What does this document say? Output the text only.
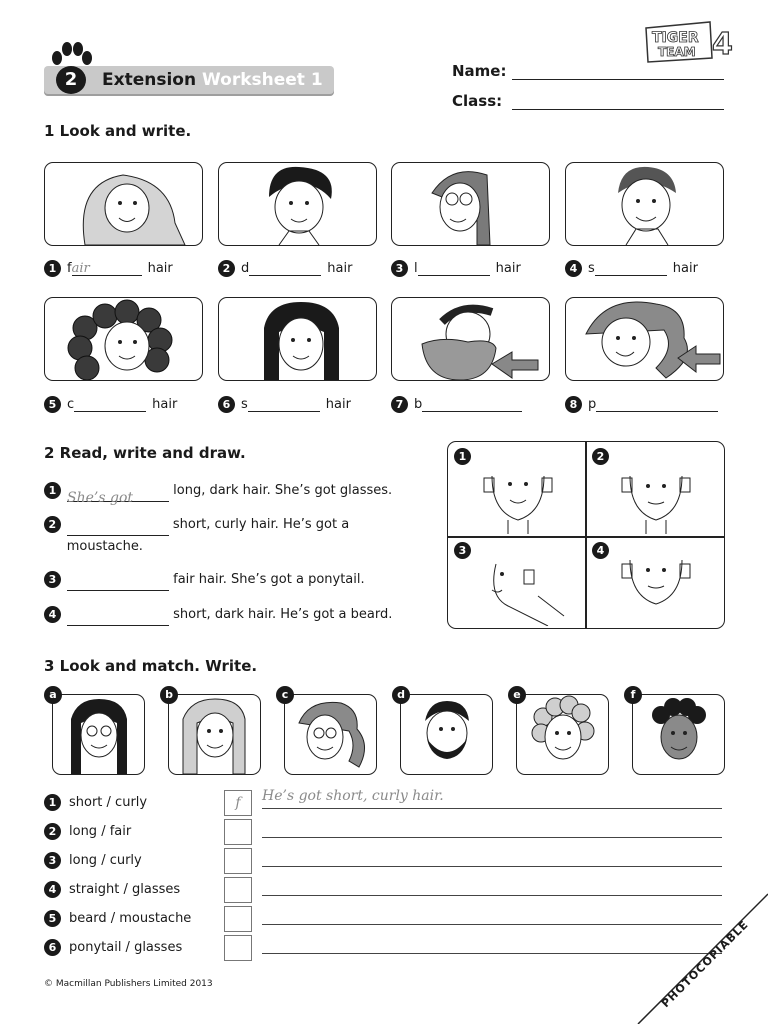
2	Extension Worksheet 1	Name:
Class:
TIGER
TEAM 4
1 Look and write.
1 fair	hair	2 d	hair	3 l	hair	4 s	hair
5 c	hair	6 s	hair	7 b	8 p
2 Read, write and draw.
1 She’s got	long, dark hair. She’s got glasses.
2	short, curly hair. He’s got a moustache.
3	fair hair. She’s got a ponytail.
4	short, dark hair. He’s got a beard.
1	2
3	4
3 Look and match. Write.
a	b	c	d	e	f
1 short / curly	f	He’s got short, curly hair.
2 long / fair
3 long / curly
4 straight / glasses
5 beard / moustache
6 ponytail / glasses
© Macmillan Publishers Limited 2013	PHOTOCOPIABLE
